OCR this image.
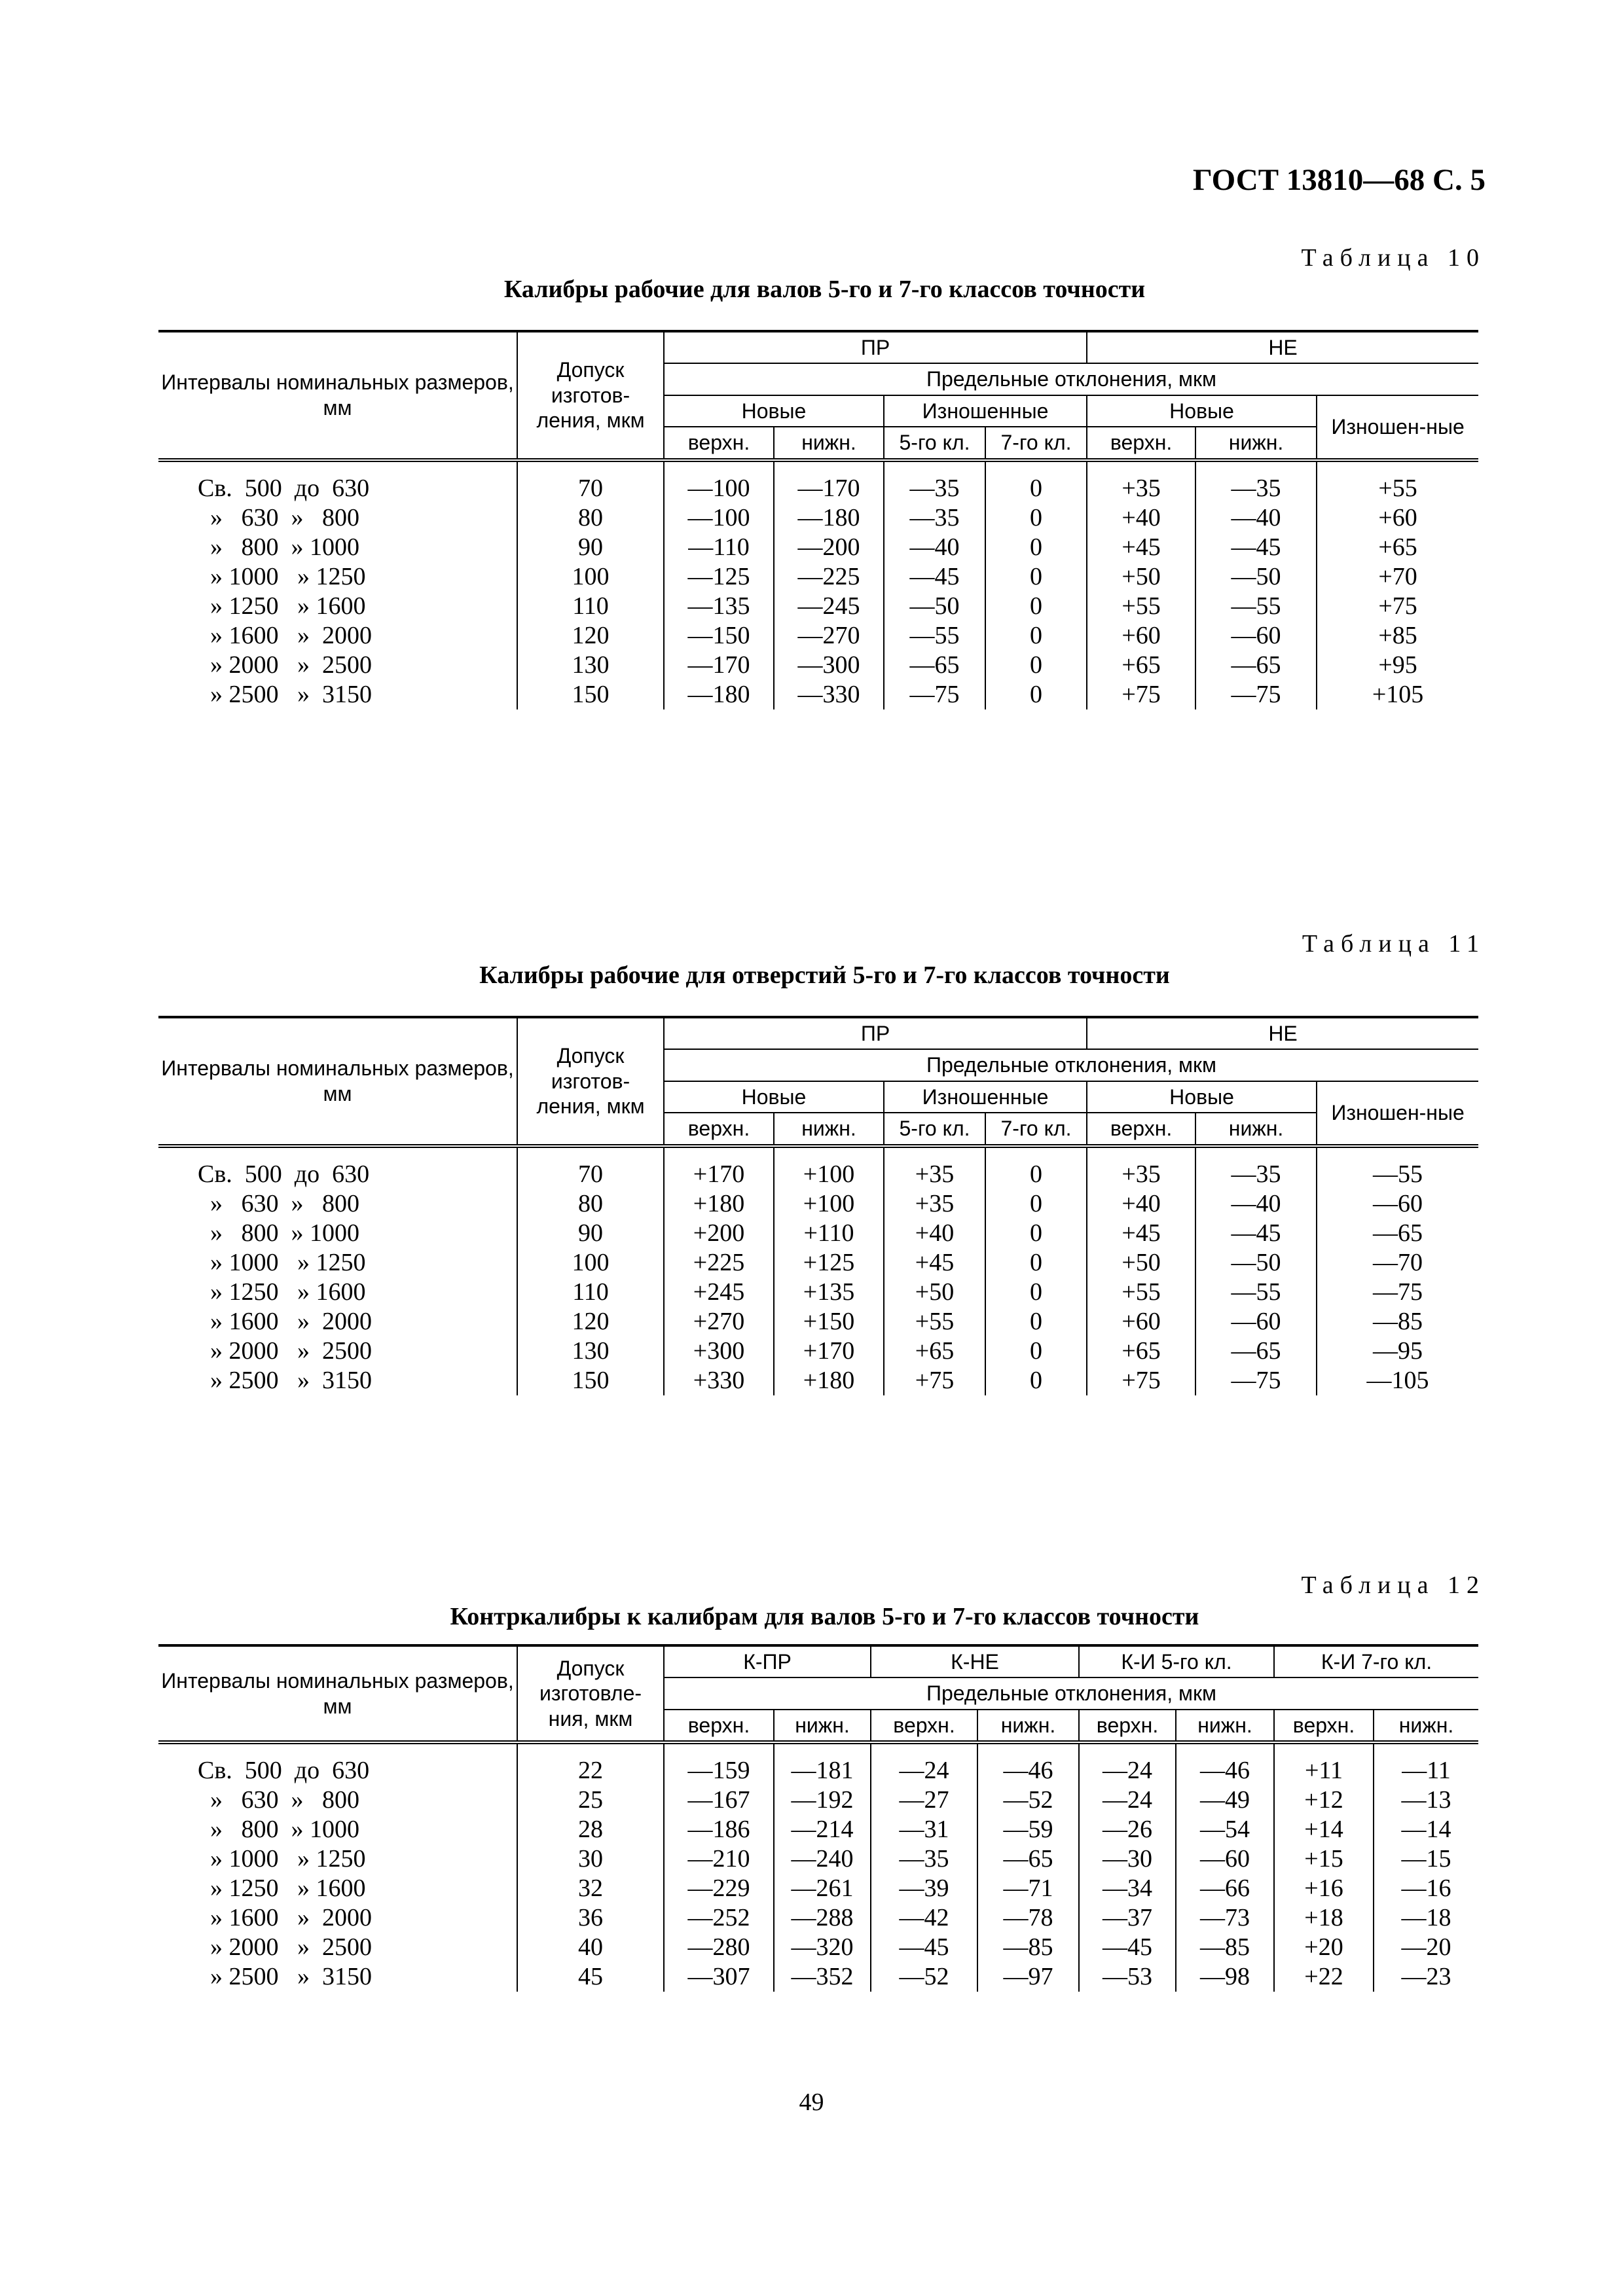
ГОСТ 13810—68 С. 5
Таблица 10
Калибры рабочие для валов 5-го и 7-го классов точности
Интервалы номинальных размеров, мм	Допуск изготов-ления, мкм	ПР				НЕ		
		Предельные отклонения, мкм						
		Новые		Изношенные		Новые		Изношен-ные
		верхн.	нижн.	5-го кл.	7-го кл.	верхн.	нижн.	
Св.  500  до  630	70	—100	—170	—35	0	+35	—35	+55
»   630  »   800	80	—100	—180	—35	0	+40	—40	+60
»   800  » 1000	90	—110	—200	—40	0	+45	—45	+65
» 1000   » 1250	100	—125	—225	—45	0	+50	—50	+70
» 1250   » 1600	110	—135	—245	—50	0	+55	—55	+75
» 1600   »  2000	120	—150	—270	—55	0	+60	—60	+85
» 2000   »  2500	130	—170	—300	—65	0	+65	—65	+95
» 2500   »  3150	150	—180	—330	—75	0	+75	—75	+105
Таблица 11
Калибры рабочие для отверстий 5-го и 7-го классов точности
Интервалы номинальных размеров, мм	Допуск изготов-ления, мкм	ПР				НЕ		
		Предельные отклонения, мкм						
		Новые		Изношенные		Новые		Изношен-ные
		верхн.	нижн.	5-го кл.	7-го кл.	верхн.	нижн.	
Св.  500  до  630	70	+170	+100	+35	0	+35	—35	—55
»   630  »   800	80	+180	+100	+35	0	+40	—40	—60
»   800  » 1000	90	+200	+110	+40	0	+45	—45	—65
» 1000   » 1250	100	+225	+125	+45	0	+50	—50	—70
» 1250   » 1600	110	+245	+135	+50	0	+55	—55	—75
» 1600   »  2000	120	+270	+150	+55	0	+60	—60	—85
» 2000   »  2500	130	+300	+170	+65	0	+65	—65	—95
» 2500   »  3150	150	+330	+180	+75	0	+75	—75	—105
Таблица 12
Контркалибры к калибрам для валов 5-го и 7-го классов точности
Интервалы номинальных размеров, мм	Допуск изготовле-ния, мкм	К-ПР		К-НЕ		К-И 5-го кл.		К-И 7-го кл.	
		Предельные отклонения, мкм							
		верхн.	нижн.	верхн.	нижн.	верхн.	нижн.	верхн.	нижн.
Св.  500  до  630	22	—159	—181	—24	—46	—24	—46	+11	—11
»   630  »   800	25	—167	—192	—27	—52	—24	—49	+12	—13
»   800  » 1000	28	—186	—214	—31	—59	—26	—54	+14	—14
» 1000   » 1250	30	—210	—240	—35	—65	—30	—60	+15	—15
» 1250   » 1600	32	—229	—261	—39	—71	—34	—66	+16	—16
» 1600   »  2000	36	—252	—288	—42	—78	—37	—73	+18	—18
» 2000   »  2500	40	—280	—320	—45	—85	—45	—85	+20	—20
» 2500   »  3150	45	—307	—352	—52	—97	—53	—98	+22	—23
49
